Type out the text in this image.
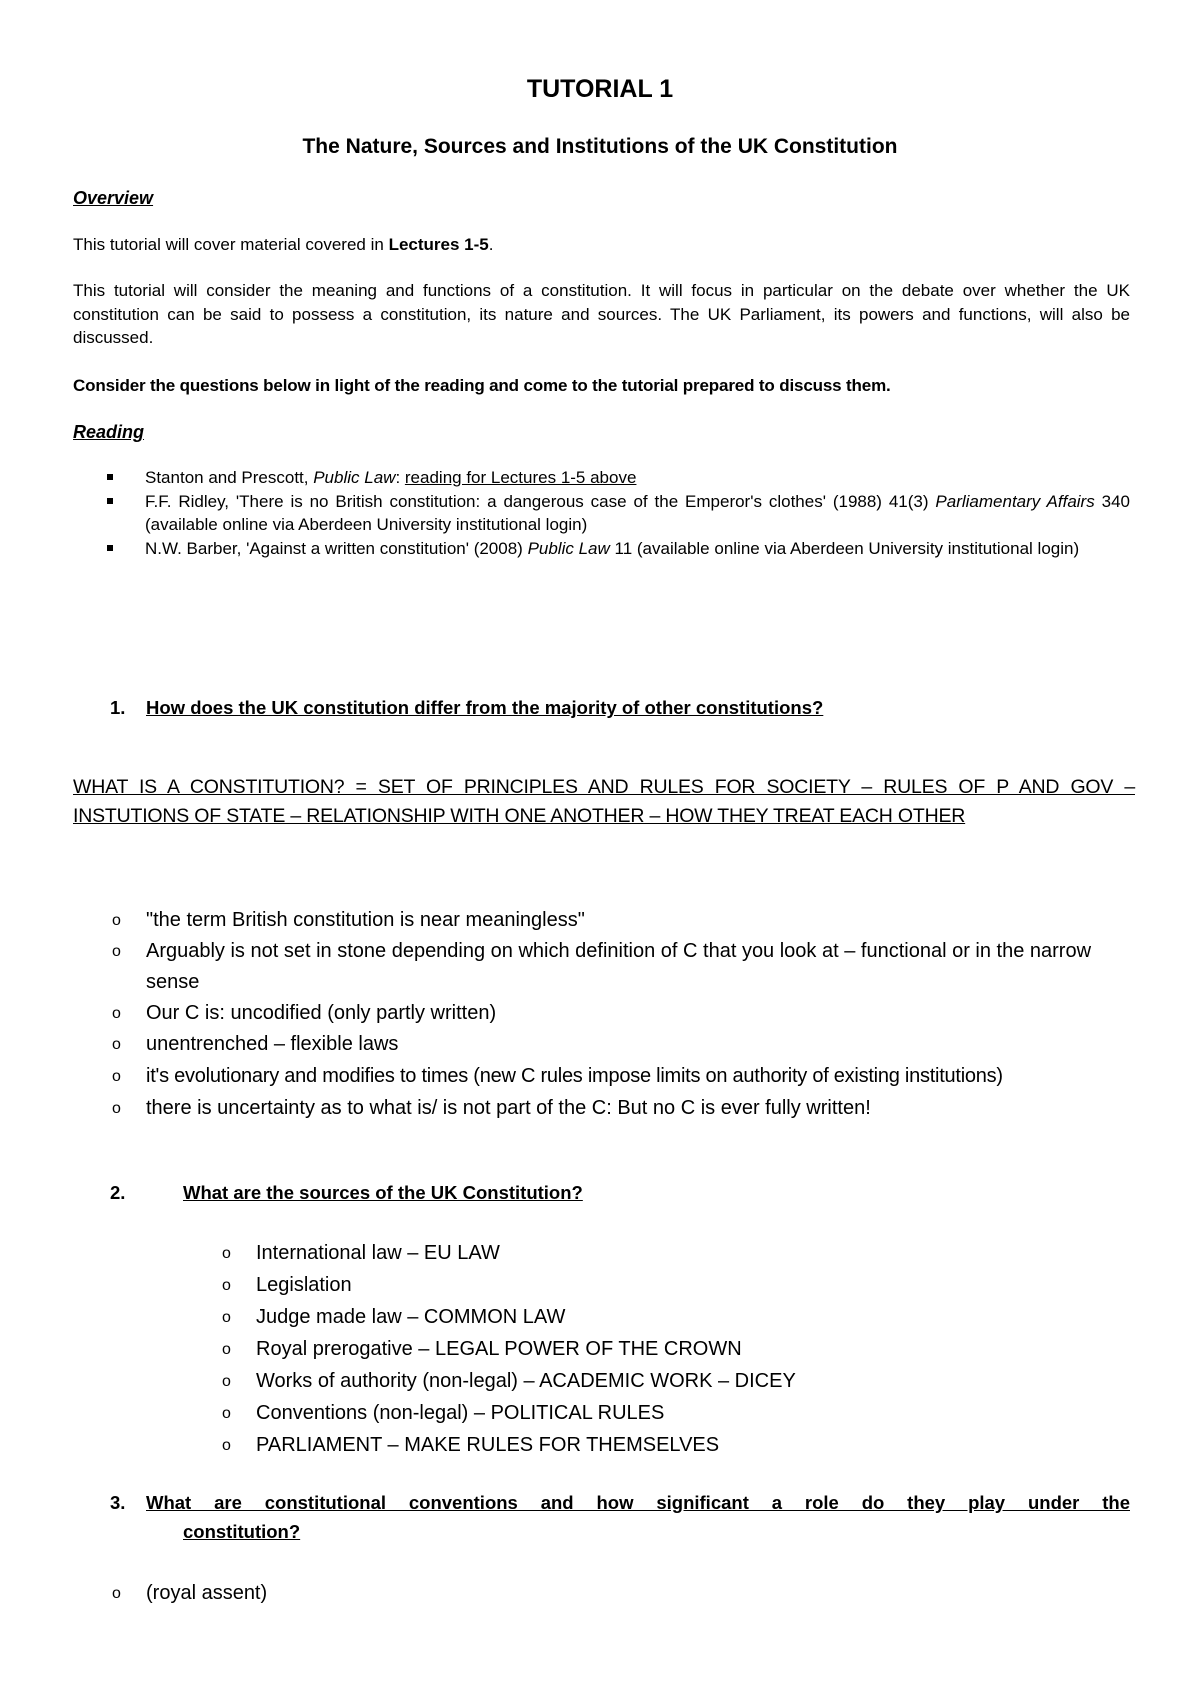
TUTORIAL 1
The Nature, Sources and Institutions of the UK Constitution
Overview

This tutorial will cover material covered in Lectures 1-5.

This tutorial will consider the meaning and functions of a constitution. It will focus in particular on the debate over whether the UK constitution can be said to possess a constitution, its nature and sources. The UK Parliament, its powers and functions, will also be discussed.

Consider the questions below in light of the reading and come to the tutorial prepared to discuss them.

Reading
Stanton and Prescott, Public Law: reading for Lectures 1-5 above
F.F. Ridley, 'There is no British constitution: a dangerous case of the Emperor's clothes' (1988) 41(3) Parliamentary Affairs 340 (available online via Aberdeen University institutional login)
N.W. Barber, 'Against a written constitution' (2008) Public Law 11 (available online via Aberdeen University institutional login)
1. How does the UK constitution differ from the majority of other constitutions?

WHAT IS A CONSTITUTION? = SET OF PRINCIPLES AND RULES FOR SOCIETY – RULES OF P AND GOV – INSTUTIONS OF STATE – RELATIONSHIP WITH ONE ANOTHER – HOW THEY TREAT EACH OTHER

o	"the term British constitution is near meaningless"
o	Arguably is not set in stone depending on which definition of C that you look at – functional or in the narrow sense
o	Our C is: uncodified (only partly written)
o	unentrenched – flexible laws
o	it's evolutionary and modifies to times (new C rules impose limits on authority of existing institutions)
o	there is uncertainty as to what is/ is not part of the C: But no C is ever fully written!
2.	What are the sources of the UK Constitution?
o	International law – EU LAW
o	Legislation
o	Judge made law – COMMON LAW
o	Royal prerogative – LEGAL POWER OF THE CROWN
o	Works of authority (non-legal) – ACADEMIC WORK – DICEY
o	Conventions (non-legal) – POLITICAL RULES
o	PARLIAMENT – MAKE RULES FOR THEMSELVES
3. What are constitutional conventions and how significant a role do they play under the
constitution?
o	(royal assent)
